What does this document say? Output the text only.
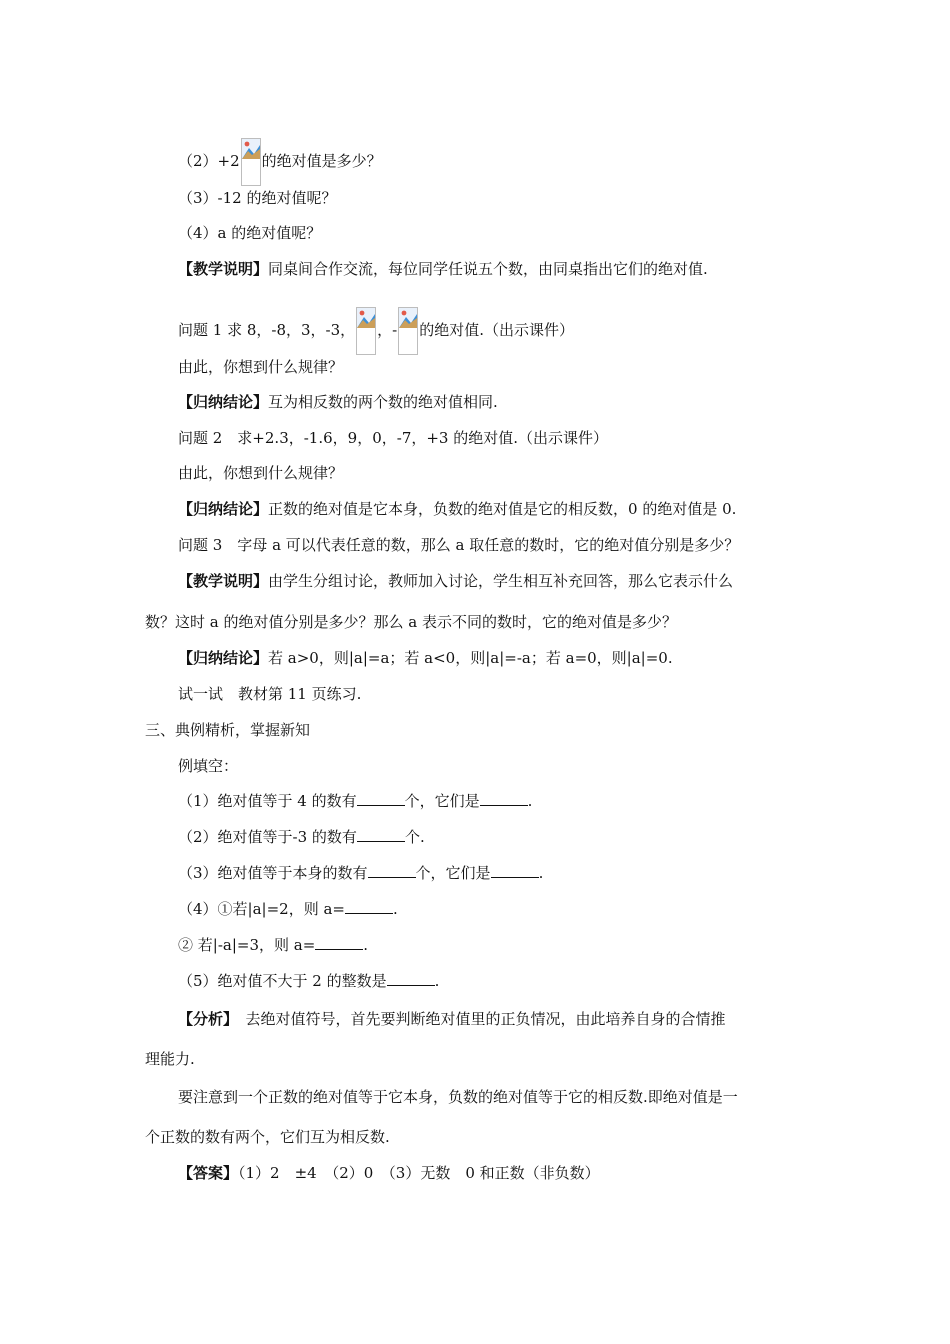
（2）+2 的绝对值是多少？
（3）-12 的绝对值呢？
（4）a 的绝对值呢？
【教学说明】同桌间合作交流，每位同学任说五个数，由同桌指出它们的绝对值.
问题 1 求 8，-8，3，-3， ，- 的绝对值.（出示课件）
由此，你想到什么规律？
【归纳结论】互为相反数的两个数的绝对值相同.
问题 2　求+2.3，-1.6，9，0，-7，+3 的绝对值.（出示课件）
由此，你想到什么规律？
【归纳结论】正数的绝对值是它本身，负数的绝对值是它的相反数，0 的绝对值是 0.
问题 3　字母 a 可以代表任意的数，那么 a 取任意的数时，它的绝对值分别是多少？
【教学说明】由学生分组讨论，教师加入讨论，学生相互补充回答，那么它表示什么
数？这时 a 的绝对值分别是多少？那么 a 表示不同的数时，它的绝对值是多少？
【归纳结论】若 a>0，则|a|=a；若 a<0，则|a|=-a；若 a=0，则|a|=0.
试一试　教材第 11 页练习.
三、典例精析，掌握新知
例填空：
（1）绝对值等于 4 的数有	个，它们是	.
（2）绝对值等于-3 的数有	个.
（3）绝对值等于本身的数有	个，它们是	.
（4）①若|a|=2，则 a=	.
② 若|-a|=3，则 a=	.
（5）绝对值不大于 2 的整数是	.
【分析】　去绝对值符号，首先要判断绝对值里的正负情况，由此培养自身的合情推
理能力.
要注意到一个正数的绝对值等于它本身，负数的绝对值等于它的相反数.即绝对值是一
个正数的数有两个，它们互为相反数.
【答案】（1）2　±4　（2）0　（3）无数　0 和正数（非负数）
